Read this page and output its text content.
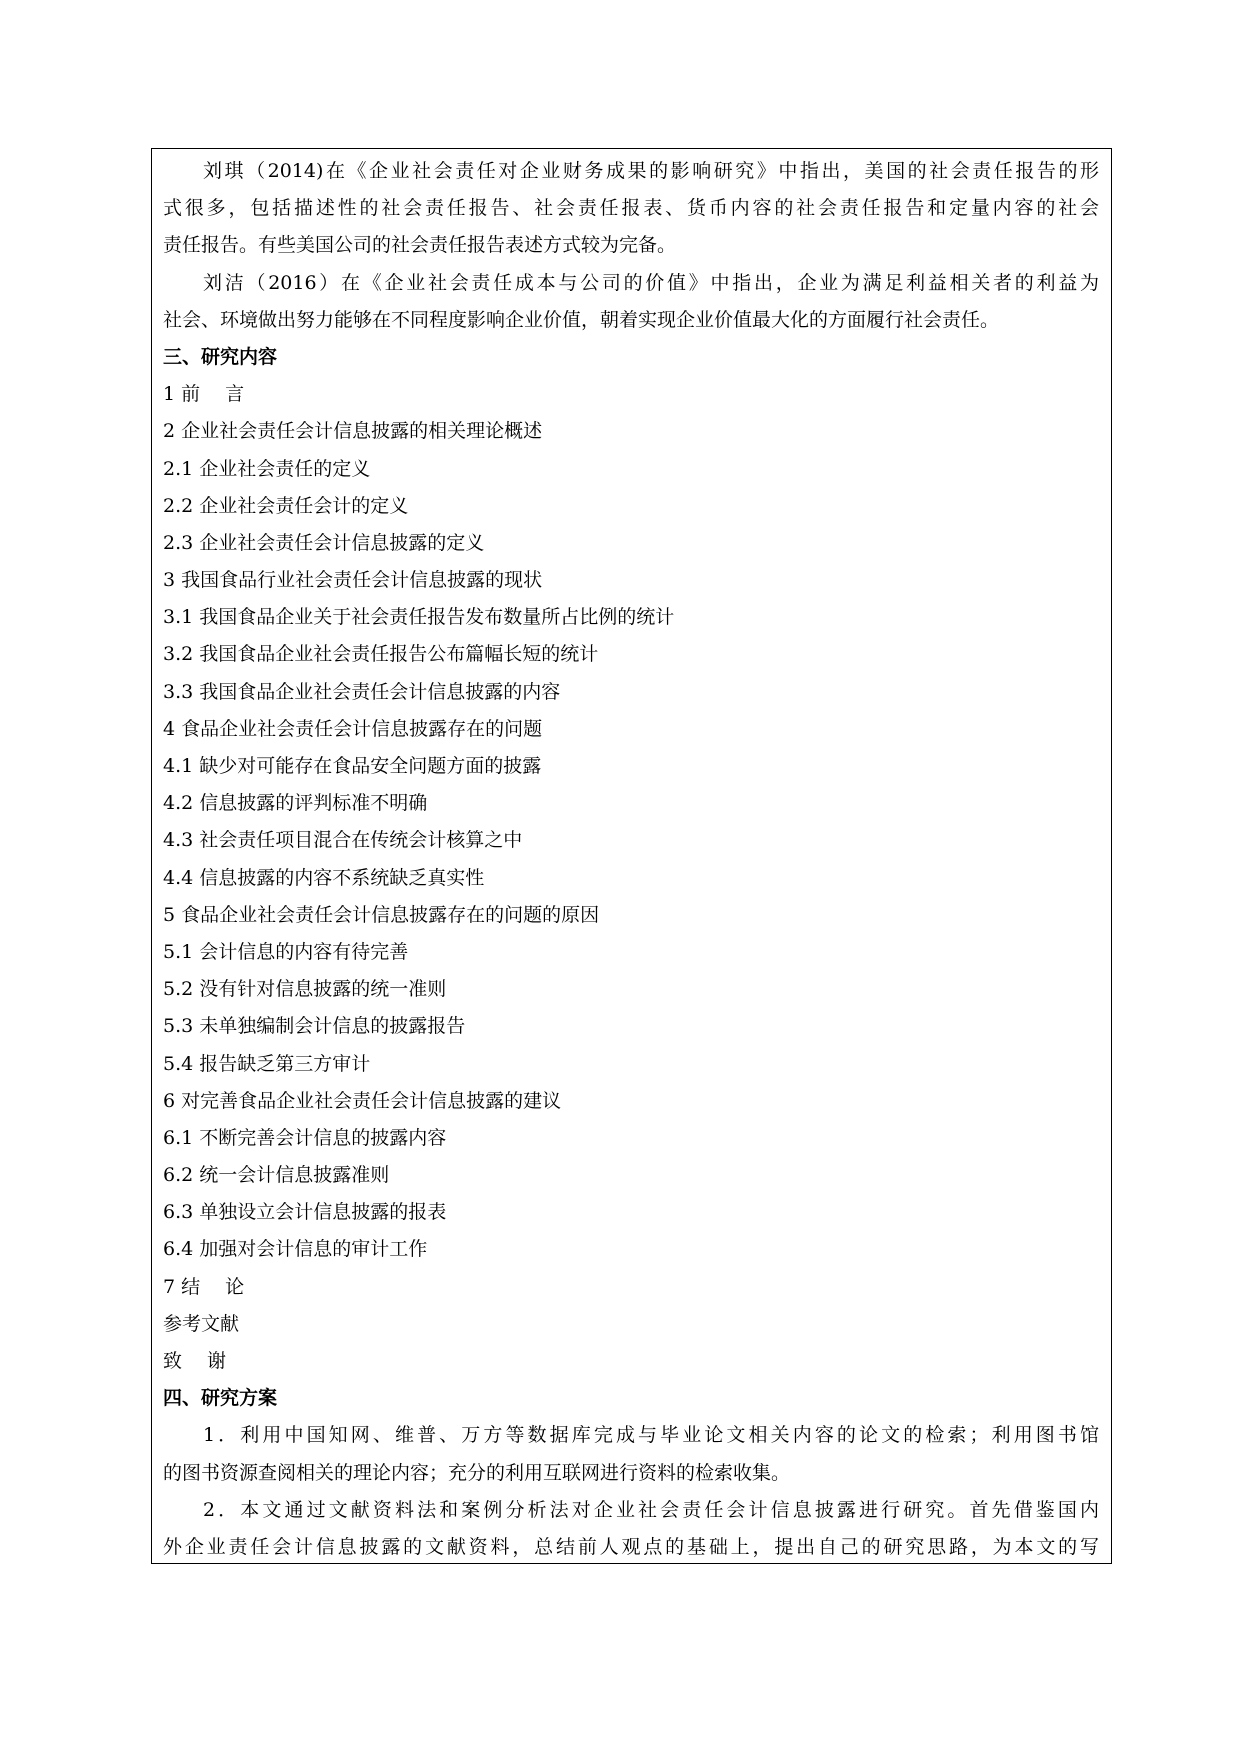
刘琪（2014)在《企业社会责任对企业财务成果的影响研究》中指出，美国的社会责任报告的形
式很多，包括描述性的社会责任报告、社会责任报表、货币内容的社会责任报告和定量内容的社会
责任报告。有些美国公司的社会责任报告表述方式较为完备。
刘洁（2016）在《企业社会责任成本与公司的价值》中指出，企业为满足利益相关者的利益为
社会、环境做出努力能够在不同程度影响企业价值，朝着实现企业价值最大化的方面履行社会责任。
三、研究内容
1 前　 言
2 企业社会责任会计信息披露的相关理论概述
2.1 企业社会责任的定义
2.2 企业社会责任会计的定义
2.3 企业社会责任会计信息披露的定义
3 我国食品行业社会责任会计信息披露的现状
3.1 我国食品企业关于社会责任报告发布数量所占比例的统计
3.2 我国食品企业社会责任报告公布篇幅长短的统计
3.3 我国食品企业社会责任会计信息披露的内容
4 食品企业社会责任会计信息披露存在的问题
4.1 缺少对可能存在食品安全问题方面的披露
4.2 信息披露的评判标准不明确
4.3 社会责任项目混合在传统会计核算之中
4.4 信息披露的内容不系统缺乏真实性
5 食品企业社会责任会计信息披露存在的问题的原因
5.1 会计信息的内容有待完善
5.2 没有针对信息披露的统一准则
5.3 未单独编制会计信息的披露报告
5.4 报告缺乏第三方审计
6 对完善食品企业社会责任会计信息披露的建议
6.1 不断完善会计信息的披露内容
6.2 统一会计信息披露准则
6.3 单独设立会计信息披露的报表
6.4 加强对会计信息的审计工作
7 结　 论
参考文献
致　 谢
四、研究方案
1．利用中国知网、维普、万方等数据库完成与毕业论文相关内容的论文的检索；利用图书馆
的图书资源查阅相关的理论内容；充分的利用互联网进行资料的检索收集。
2．本文通过文献资料法和案例分析法对企业社会责任会计信息披露进行研究。首先借鉴国内
外企业责任会计信息披露的文献资料，总结前人观点的基础上，提出自己的研究思路，为本文的写
